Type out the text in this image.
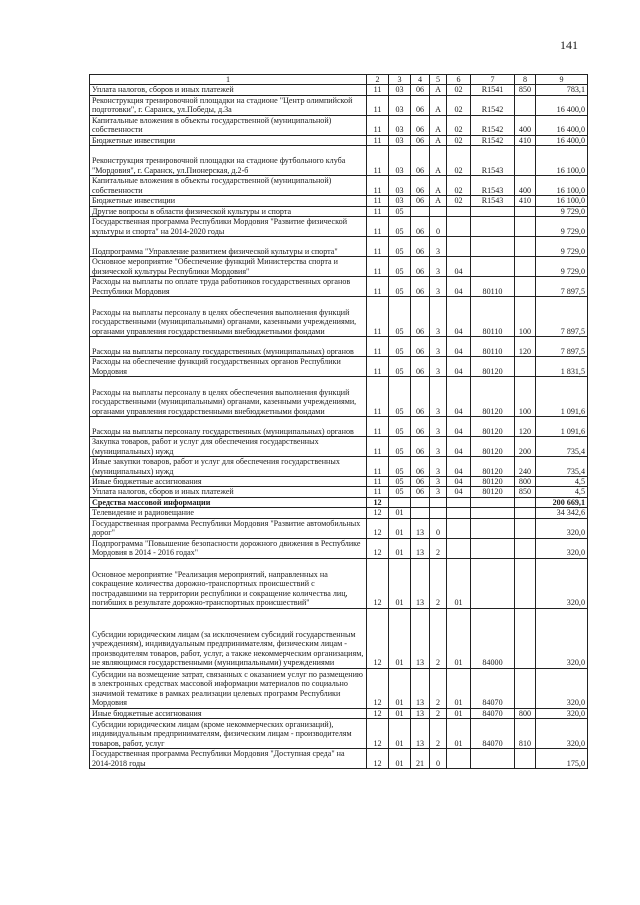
141
1	2	3	4	5	6	7	8	9
Уплата налогов, сборов и иных платежей	11	03	06	А	02	R1541	850	783,1
Реконструкция тренировочной площадки на стадионе "Центр олимпийской подготовки", г. Саранск, ул.Победы, д.3а	11	03	06	А	02	R1542		16 400,0
Капитальные вложения в объекты государственной (муниципальной) собственности	11	03	06	А	02	R1542	400	16 400,0
Бюджетные инвестиции	11	03	06	А	02	R1542	410	16 400,0
Реконструкция тренировочной площадки на стадионе футбольного клуба "Мордовия", г. Саранск, ул.Пионерская, д.2-б	11	03	06	А	02	R1543		16 100,0
Капитальные вложения в объекты государственной (муниципальной) собственности	11	03	06	А	02	R1543	400	16 100,0
Бюджетные инвестиции	11	03	06	А	02	R1543	410	16 100,0
Другие вопросы в области физической культуры и спорта	11	05						9 729,0
Государственная программа Республики Мордовия "Развитие физической культуры и спорта" на 2014-2020 годы	11	05	06	0				9 729,0
Подпрограмма "Управление развитием физической культуры и спорта"	11	05	06	3				9 729,0
Основное мероприятие "Обеспечение функций Министерства спорта и физической культуры Республики Мордовия"	11	05	06	3	04			9 729,0
Расходы на выплаты по оплате труда работников государственных органов Республики Мордовия	11	05	06	3	04	80110		7 897,5
Расходы на выплаты персоналу в целях обеспечения выполнения функций государственными (муниципальными) органами, казенными учреждениями, органами управления государственными внебюджетными фондами	11	05	06	3	04	80110	100	7 897,5
Расходы на выплаты персоналу государственных (муниципальных) органов	11	05	06	3	04	80110	120	7 897,5
Расходы на обеспечение функций государственных органов Республики Мордовия	11	05	06	3	04	80120		1 831,5
Расходы на выплаты персоналу в целях обеспечения выполнения функций государственными (муниципальными) органами, казенными учреждениями, органами управления государственными внебюджетными фондами	11	05	06	3	04	80120	100	1 091,6
Расходы на выплаты персоналу государственных (муниципальных) органов	11	05	06	3	04	80120	120	1 091,6
Закупка товаров, работ и услуг для обеспечения государственных (муниципальных) нужд	11	05	06	3	04	80120	200	735,4
Иные закупки товаров, работ и услуг для обеспечения государственных (муниципальных) нужд	11	05	06	3	04	80120	240	735,4
Иные бюджетные ассигнования	11	05	06	3	04	80120	800	4,5
Уплата налогов, сборов и иных платежей	11	05	06	3	04	80120	850	4,5
Средства массовой информации	12							200 669,1
Телевидение и радиовещание	12	01						34 342,6
Государственная программа Республики Мордовия "Развитие автомобильных дорог"	12	01	13	0				320,0
Подпрограмма "Повышение безопасности дорожного движения в Республике Мордовия в 2014 - 2016 годах"	12	01	13	2				320,0
Основное мероприятие "Реализация мероприятий, направленных на сокращение количества дорожно-транспортных происшествий с пострадавшими на территории республики и сокращение количества лиц, погибших в результате дорожно-транспортных происшествий"	12	01	13	2	01			320,0
Субсидии юридическим лицам (за исключением субсидий государственным учреждениям), индивидуальным предпринимателям, физическим лицам - производителям товаров, работ, услуг, а также некоммерческим организациям, не являющимся государственными (муниципальными) учреждениями	12	01	13	2	01	84000		320,0
Субсидии на возмещение затрат, связанных с оказанием услуг по размещению в электронных средствах массовой информации материалов по социально значимой тематике в рамках реализации целевых программ Республики Мордовия	12	01	13	2	01	84070		320,0
Иные бюджетные ассигнования	12	01	13	2	01	84070	800	320,0
Субсидии юридическим лицам (кроме некоммерческих организаций), индивидуальным предпринимателям, физическим лицам - производителям товаров, работ, услуг	12	01	13	2	01	84070	810	320,0
Государственная программа Республики Мордовия "Доступная среда" на 2014-2018 годы	12	01	21	0				175,0
